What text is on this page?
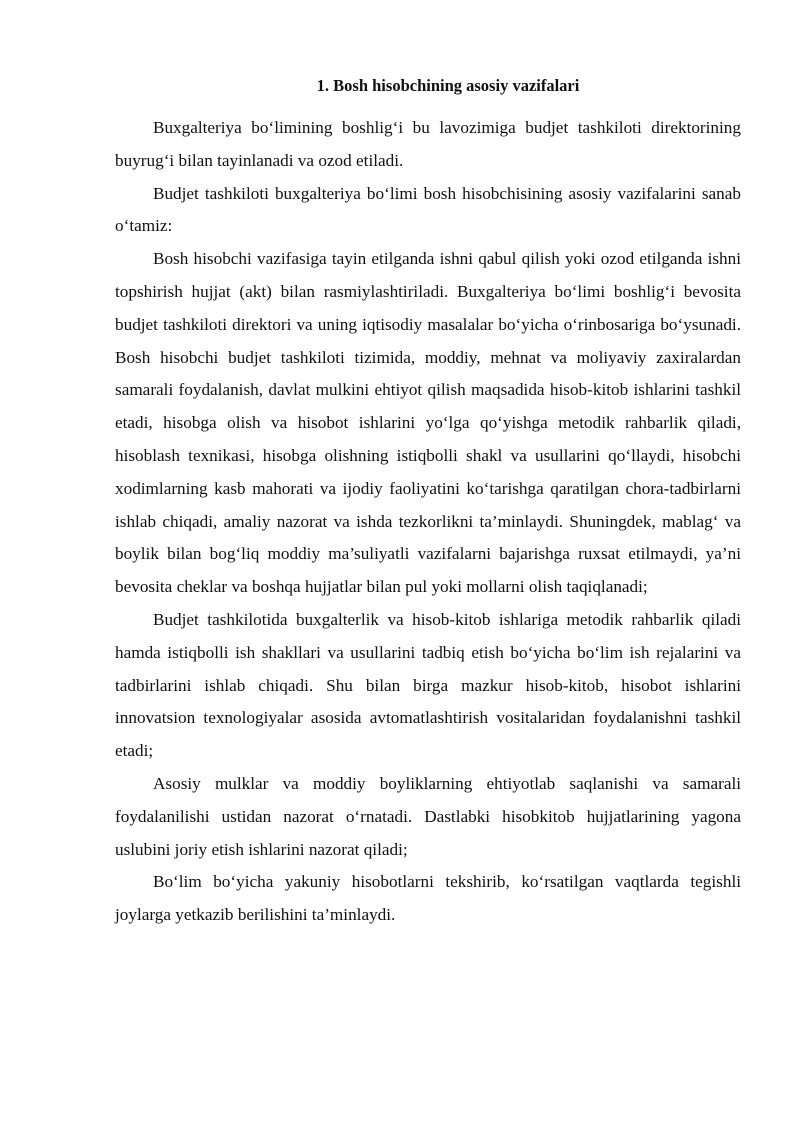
1. Bosh hisobchining asosiy vazifalari

Buxgalteriya bo‘limining boshlig‘i bu lavozimiga budjet tashkiloti direktorining buyrug‘i bilan tayinlanadi va ozod etiladi.

Budjet tashkiloti buxgalteriya bo‘limi bosh hisobchisining asosiy vazifalarini sanab o‘tamiz:

Bosh hisobchi vazifasiga tayin etilganda ishni qabul qilish yoki ozod etilganda ishni topshirish hujjat (akt) bilan rasmiylashtiriladi. Buxgalteriya bo‘limi boshlig‘i bevosita budjet tashkiloti direktori va uning iqtisodiy masalalar bo‘yicha o‘rinbosariga bo‘ysunadi. Bosh hisobchi budjet tashkiloti tizimida, moddiy, mehnat va moliyaviy zaxiralardan samarali foydalanish, davlat mulkini ehtiyot qilish maqsadida hisob-kitob ishlarini tashkil etadi, hisobga olish va hisobot ishlarini yo‘lga qo‘yishga metodik rahbarlik qiladi, hisoblash texnikasi, hisobga olishning istiqbolli shakl va usullarini qo‘llaydi, hisobchi xodimlarning kasb mahorati va ijodiy faoliyatini ko‘tarishga qaratilgan chora-tadbirlarni ishlab chiqadi, amaliy nazorat va ishda tezkorlikni ta’minlaydi. Shuningdek, mablag‘ va boylik bilan bog‘liq moddiy ma’suliyatli vazifalarni bajarishga ruxsat etilmaydi, ya’ni bevosita cheklar va boshqa hujjatlar bilan pul yoki mollarni olish taqiqlanadi;

Budjet tashkilotida buxgalterlik va hisob-kitob ishlariga metodik rahbarlik qiladi hamda istiqbolli ish shakllari va usullarini tadbiq etish bo‘yicha bo‘lim ish rejalarini va tadbirlarini ishlab chiqadi. Shu bilan birga mazkur hisob-kitob, hisobot ishlarini innovatsion texnologiyalar asosida avtomatlashtirish vositalaridan foydalanishni tashkil etadi;

Asosiy mulklar va moddiy boyliklarning ehtiyotlab saqlanishi va samarali foydalanilishi ustidan nazorat o‘rnatadi. Dastlabki hisobkitob hujjatlarining yagona uslubini joriy etish ishlarini nazorat qiladi;

Bo‘lim bo‘yicha yakuniy hisobotlarni tekshirib, ko‘rsatilgan vaqtlarda tegishli joylarga yetkazib berilishini ta’minlaydi.
